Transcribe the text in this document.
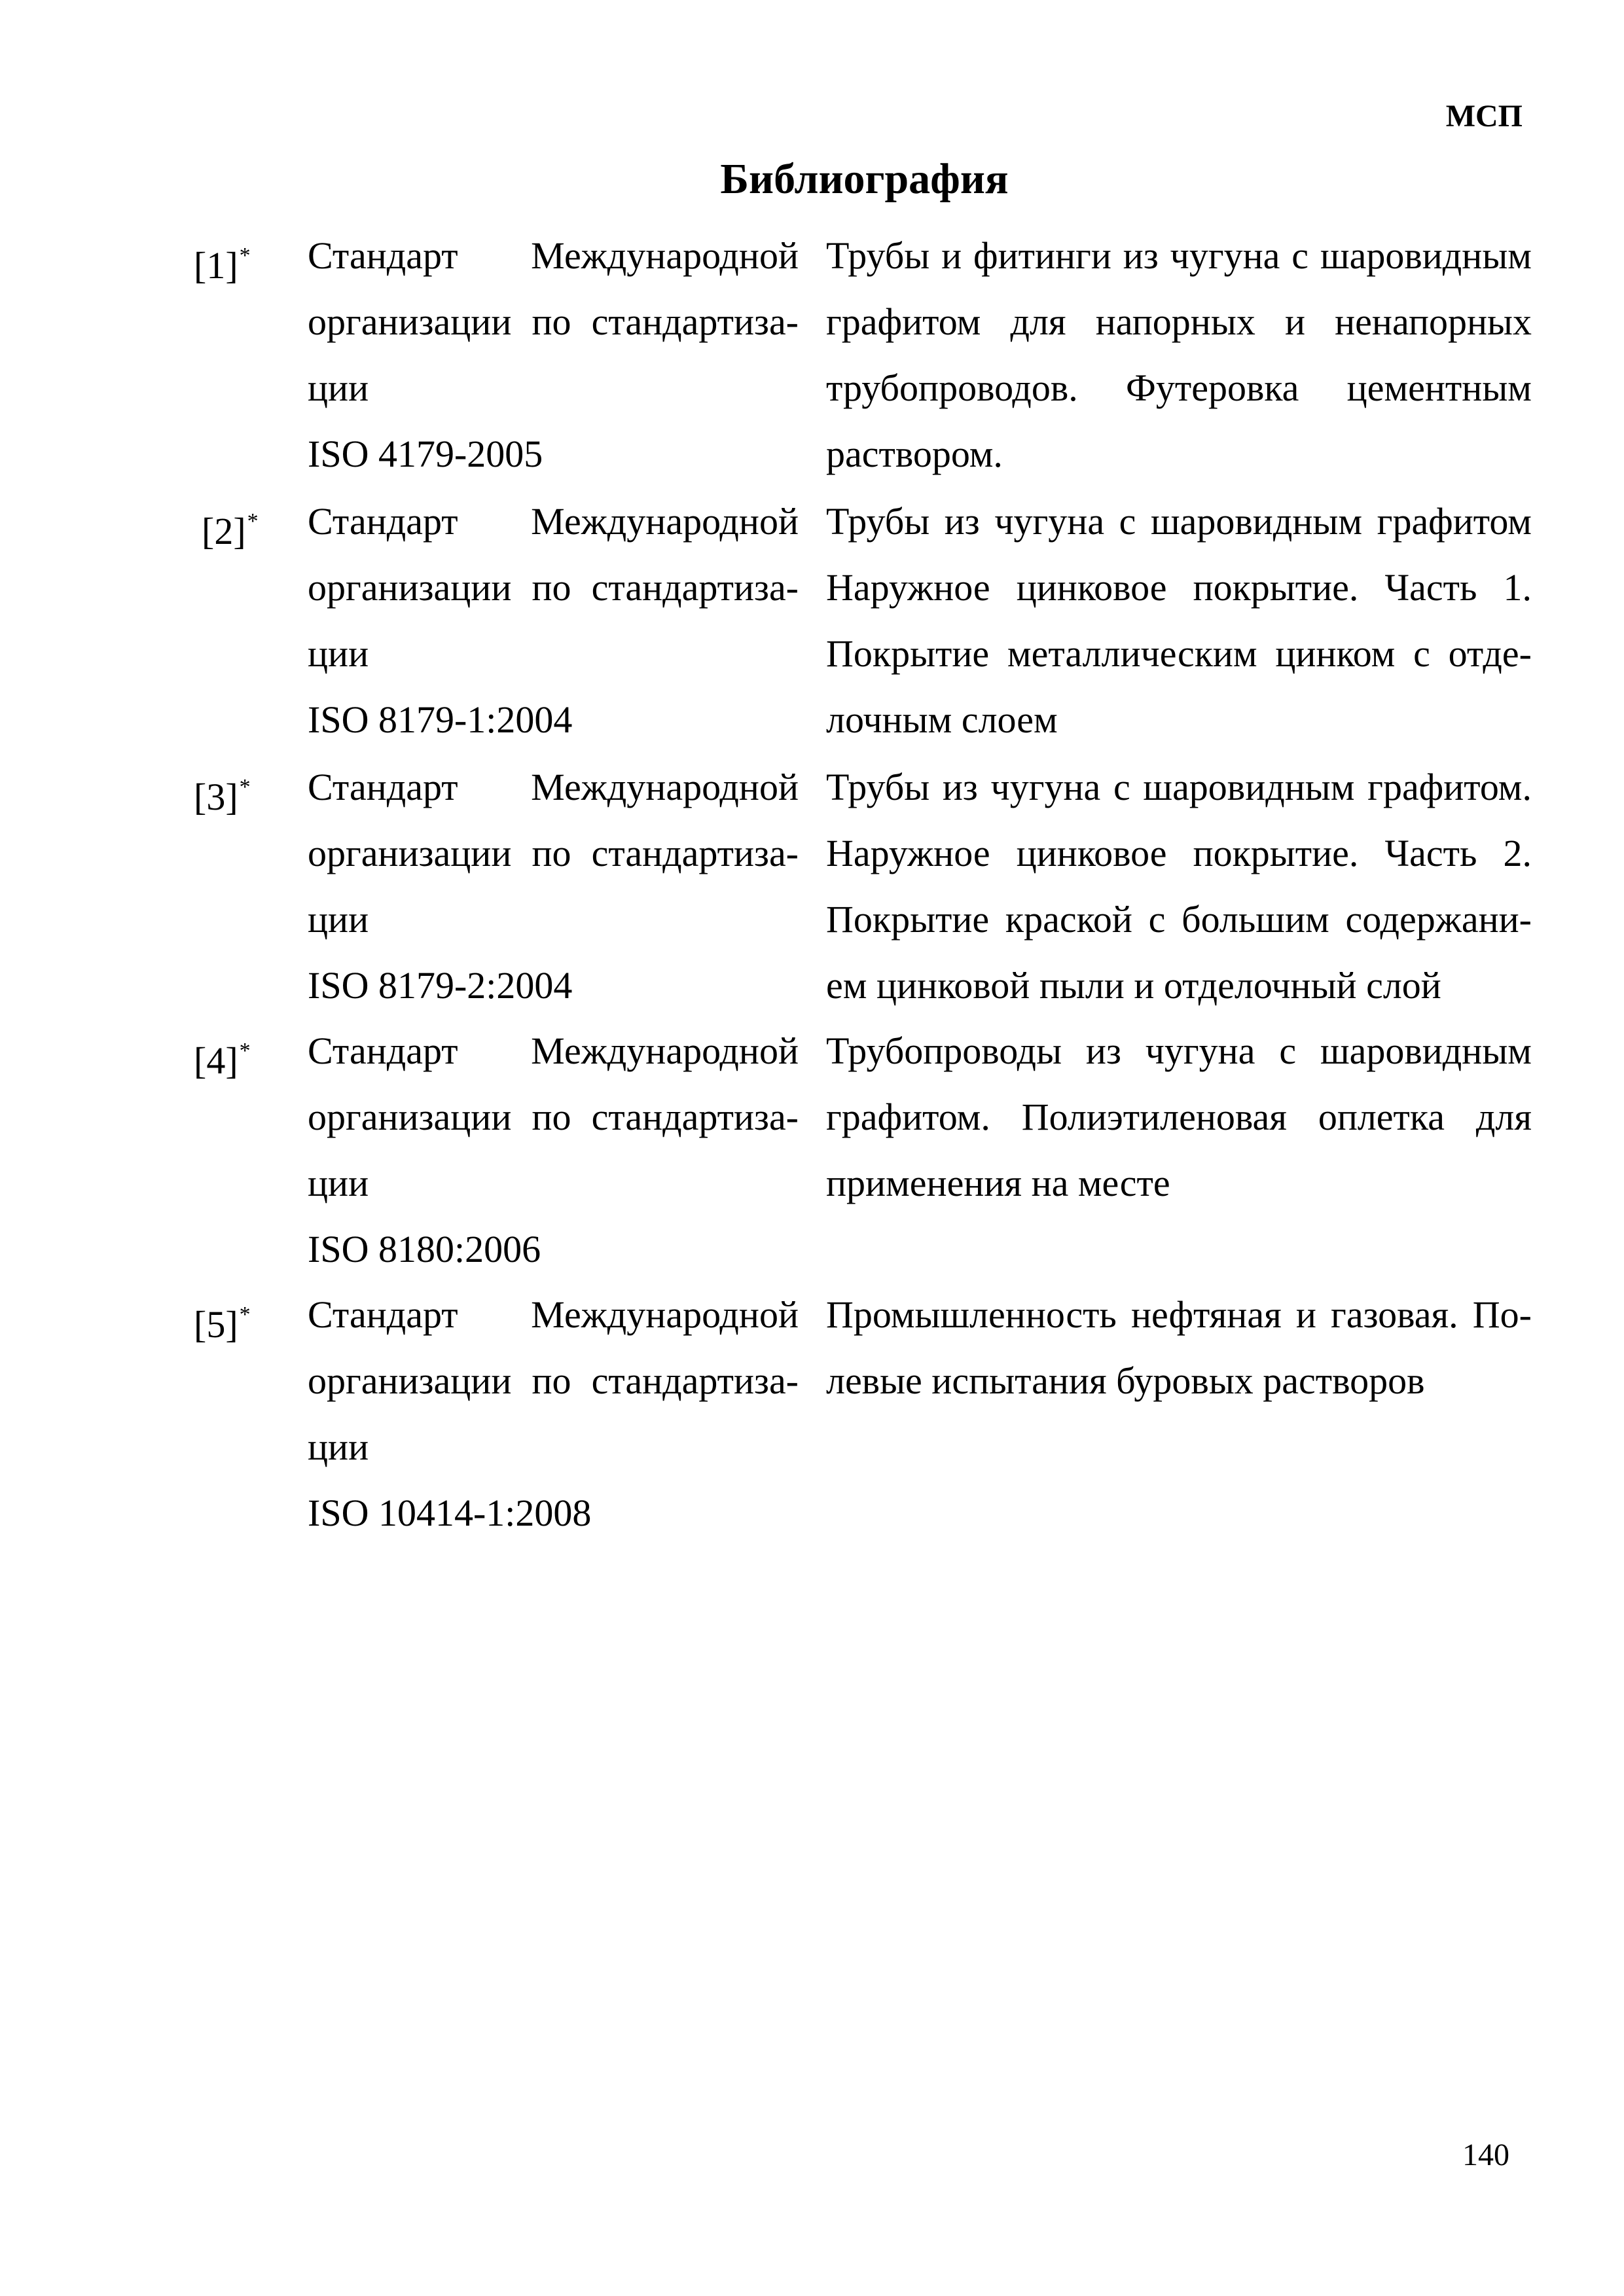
МСП
Библиография
[1]* Стандарт Международной
организации по стандартиза-
ции
ISO 4179-2005
Трубы и фитинги из чугуна с шаровидным
графитом для напорных и ненапорных
трубопроводов. Футеровка цементным
раствором.
[2]* Стандарт Международной
организации по стандартиза-
ции
ISO 8179-1:2004
Трубы из чугуна с шаровидным графитом
Наружное цинковое покрытие. Часть 1.
Покрытие металлическим цинком с отде-
лочным слоем
[3]* Стандарт Международной
организации по стандартиза-
ции
ISO 8179-2:2004
Трубы из чугуна с шаровидным графитом.
Наружное цинковое покрытие. Часть 2.
Покрытие краской с большим содержани-
ем цинковой пыли и отделочный слой
[4]* Стандарт Международной
организации по стандартиза-
ции
ISO 8180:2006
Трубопроводы из чугуна с шаровидным
графитом. Полиэтиленовая оплетка для
применения на месте
[5]* Стандарт Международной
организации по стандартиза-
ции
ISO 10414-1:2008
Промышленность нефтяная и газовая. По-
левые испытания буровых растворов
140
